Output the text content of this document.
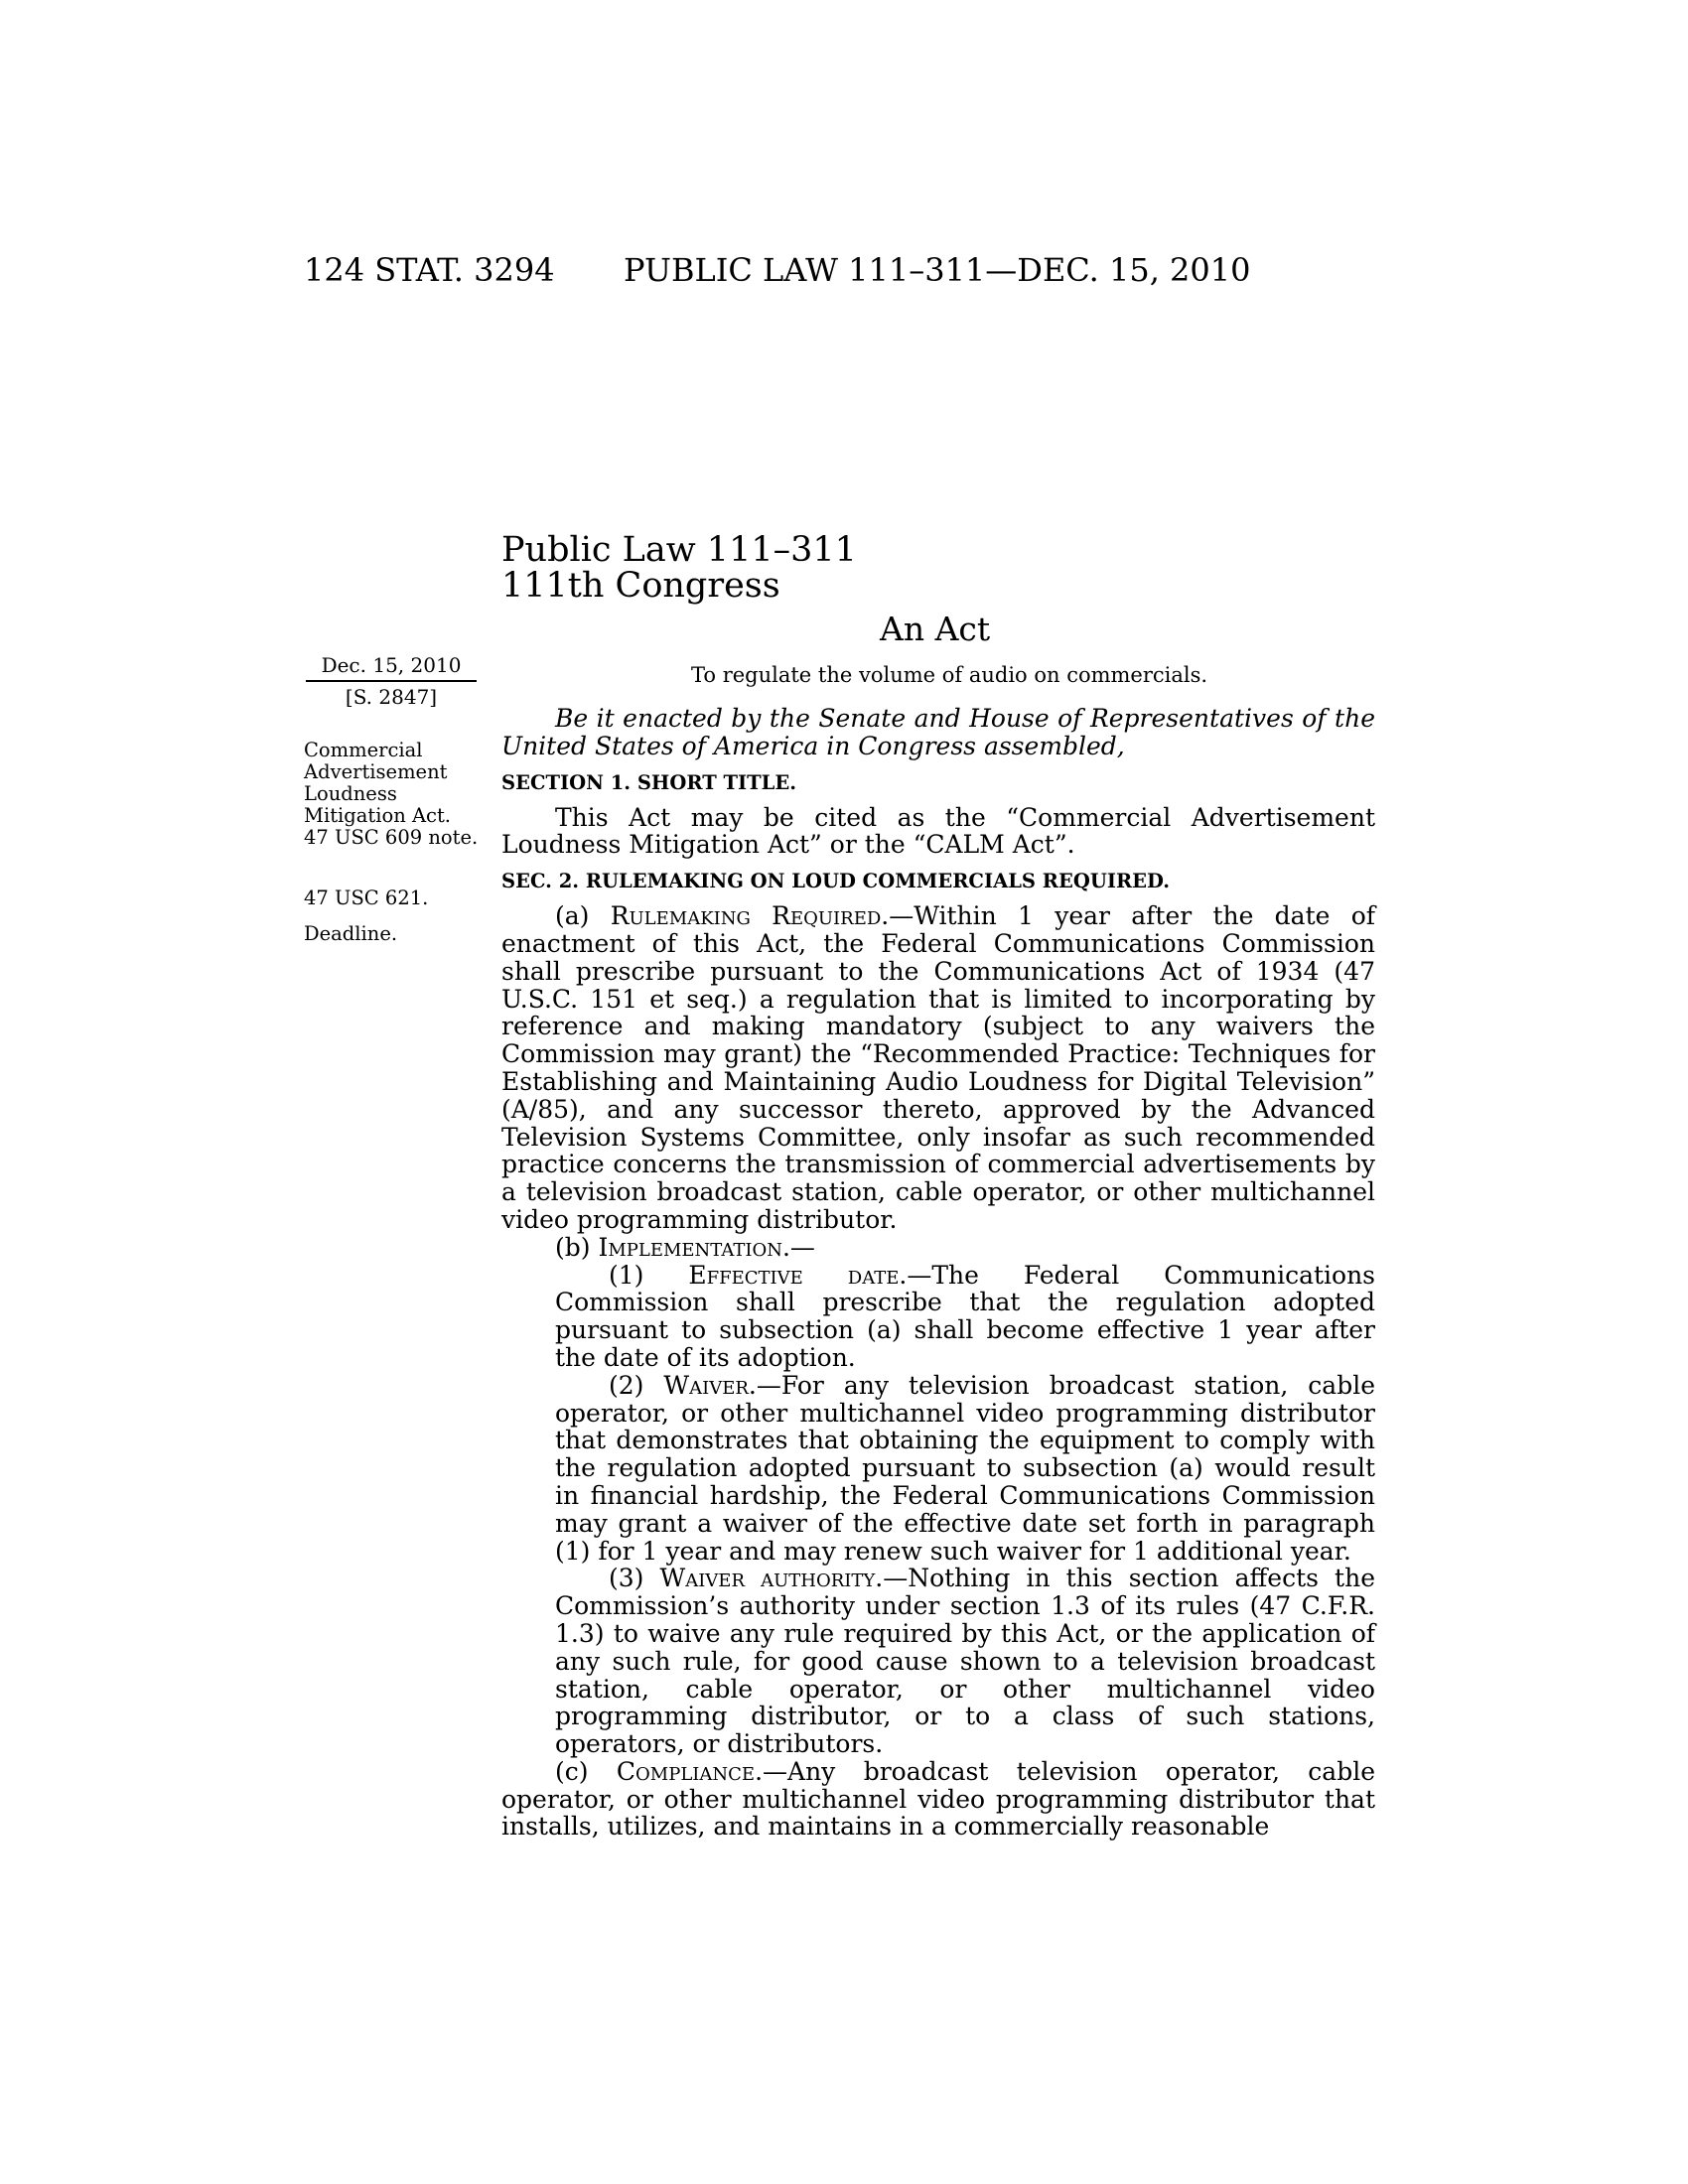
124 STAT. 3294 PUBLIC LAW 111–311—DEC. 15, 2010
Public Law 111–311
111th Congress
An Act
To regulate the volume of audio on commercials.
Dec. 15, 2010
[S. 2847]
Commercial
Advertisement
Loudness
Mitigation Act.
47 USC 609 note.
47 USC 621.
Deadline.

Be it enacted by the Senate and House of Representatives of the United States of America in Congress assembled,

SECTION 1. SHORT TITLE.

This Act may be cited as the “Commercial Advertisement Loudness Mitigation Act” or the “CALM Act”.

SEC. 2. RULEMAKING ON LOUD COMMERCIALS REQUIRED.

(a) Rulemaking Required.—Within 1 year after the date of enactment of this Act, the Federal Communications Commission shall prescribe pursuant to the Communications Act of 1934 (47 U.S.C. 151 et seq.) a regulation that is limited to incorporating by reference and making mandatory (subject to any waivers the Commission may grant) the “Recommended Practice: Techniques for Establishing and Maintaining Audio Loudness for Digital Television” (A/85), and any successor thereto, approved by the Advanced Television Systems Committee, only insofar as such recommended practice concerns the transmission of commercial advertisements by a television broadcast station, cable operator, or other multichannel video programming distributor.

(b) Implementation.—

(1) Effective date.—The Federal Communications Commission shall prescribe that the regulation adopted pursuant to subsection (a) shall become effective 1 year after the date of its adoption.

(2) Waiver.—For any television broadcast station, cable operator, or other multichannel video programming distributor that demonstrates that obtaining the equipment to comply with the regulation adopted pursuant to subsection (a) would result in financial hardship, the Federal Communications Commission may grant a waiver of the effective date set forth in paragraph (1) for 1 year and may renew such waiver for 1 additional year.

(3) Waiver authority.—Nothing in this section affects the Commission’s authority under section 1.3 of its rules (47 C.F.R. 1.3) to waive any rule required by this Act, or the application of any such rule, for good cause shown to a television broadcast station, cable operator, or other multichannel video programming distributor, or to a class of such stations, operators, or distributors.

(c) Compliance.—Any broadcast television operator, cable operator, or other multichannel video programming distributor that installs, utilizes, and maintains in a commercially reasonable
